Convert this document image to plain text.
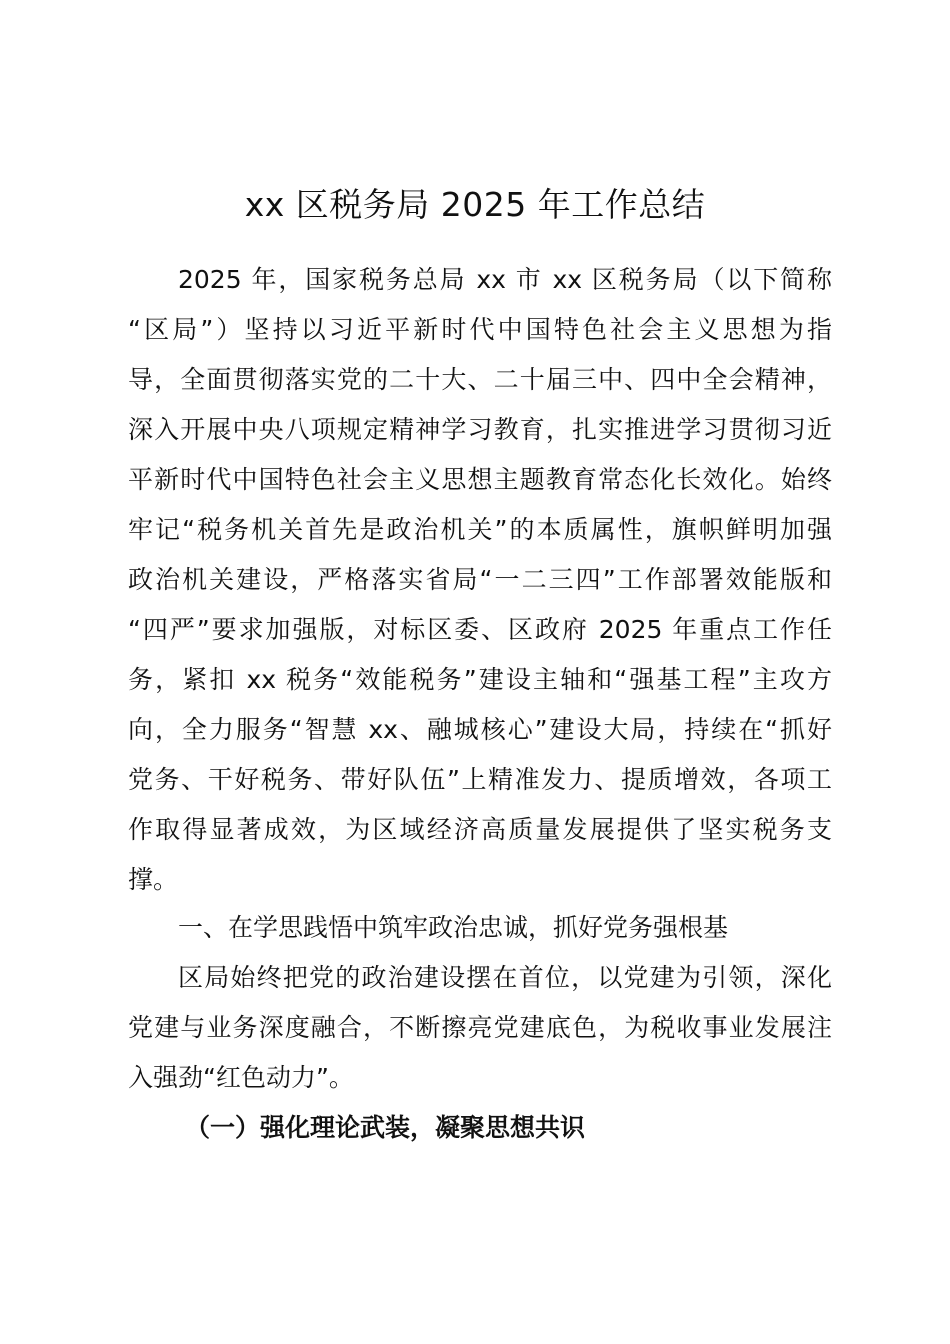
xx 区税务局 2025 年工作总结
2025 年，国家税务总局 xx 市 xx 区税务局（以下简称
“区局”）坚持以习近平新时代中国特色社会主义思想为指
导，全面贯彻落实党的二十大、二十届三中、四中全会精神，
深入开展中央八项规定精神学习教育，扎实推进学习贯彻习近
平新时代中国特色社会主义思想主题教育常态化长效化。始终
牢记“税务机关首先是政治机关”的本质属性，旗帜鲜明加强
政治机关建设，严格落实省局“一二三四”工作部署效能版和
“四严”要求加强版，对标区委、区政府 2025 年重点工作任
务，紧扣 xx 税务“效能税务”建设主轴和“强基工程”主攻方
向，全力服务“智慧 xx、融城核心”建设大局，持续在“抓好
党务、干好税务、带好队伍”上精准发力、提质增效，各项工
作取得显著成效，为区域经济高质量发展提供了坚实税务支
撑。
一、在学思践悟中筑牢政治忠诚，抓好党务强根基
区局始终把党的政治建设摆在首位，以党建为引领，深化
党建与业务深度融合，不断擦亮党建底色，为税收事业发展注
入强劲“红色动力”。
（一）强化理论武装，凝聚思想共识
